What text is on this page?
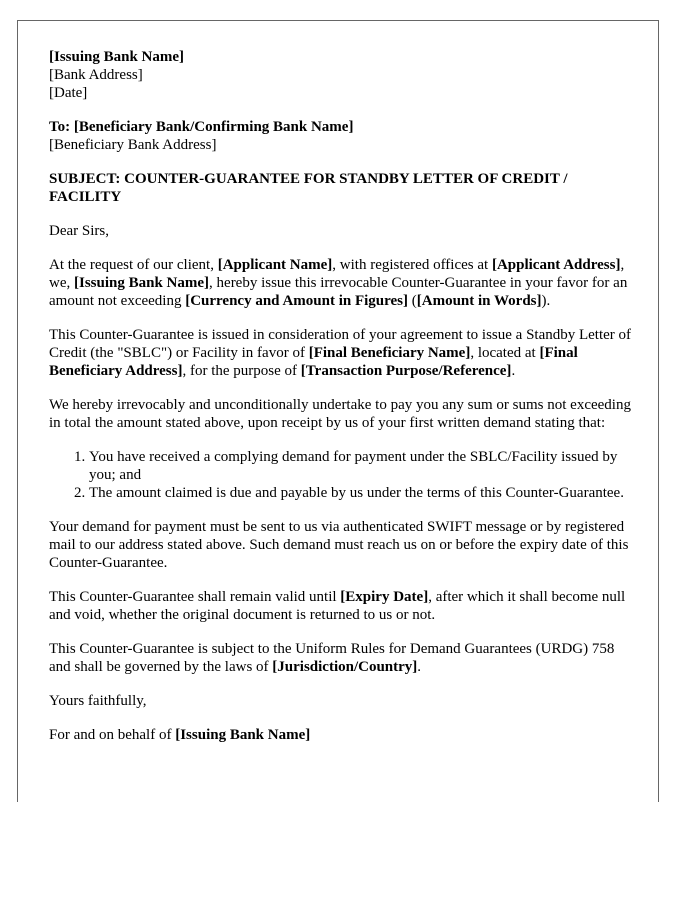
[Issuing Bank Name]
[Bank Address]
[Date]
To: [Beneficiary Bank/Confirming Bank Name]
[Beneficiary Bank Address]

SUBJECT: COUNTER-GUARANTEE FOR STANDBY LETTER OF CREDIT / FACILITY

Dear Sirs,

At the request of our client, [Applicant Name], with registered offices at [Applicant Address], we, [Issuing Bank Name], hereby issue this irrevocable Counter-Guarantee in your favor for an amount not exceeding [Currency and Amount in Figures] ([Amount in Words]).

This Counter-Guarantee is issued in consideration of your agreement to issue a Standby Letter of Credit (the "SBLC") or Facility in favor of [Final Beneficiary Name], located at [Final Beneficiary Address], for the purpose of [Transaction Purpose/Reference].

We hereby irrevocably and unconditionally undertake to pay you any sum or sums not exceeding in total the amount stated above, upon receipt by us of your first written demand stating that:

1. You have received a complying demand for payment under the SBLC/Facility issued by you; and
2. The amount claimed is due and payable by us under the terms of this Counter-Guarantee.

Your demand for payment must be sent to us via authenticated SWIFT message or by registered mail to our address stated above. Such demand must reach us on or before the expiry date of this Counter-Guarantee.

This Counter-Guarantee shall remain valid until [Expiry Date], after which it shall become null and void, whether the original document is returned to us or not.

This Counter-Guarantee is subject to the Uniform Rules for Demand Guarantees (URDG) 758 and shall be governed by the laws of [Jurisdiction/Country].

Yours faithfully,

For and on behalf of [Issuing Bank Name]
